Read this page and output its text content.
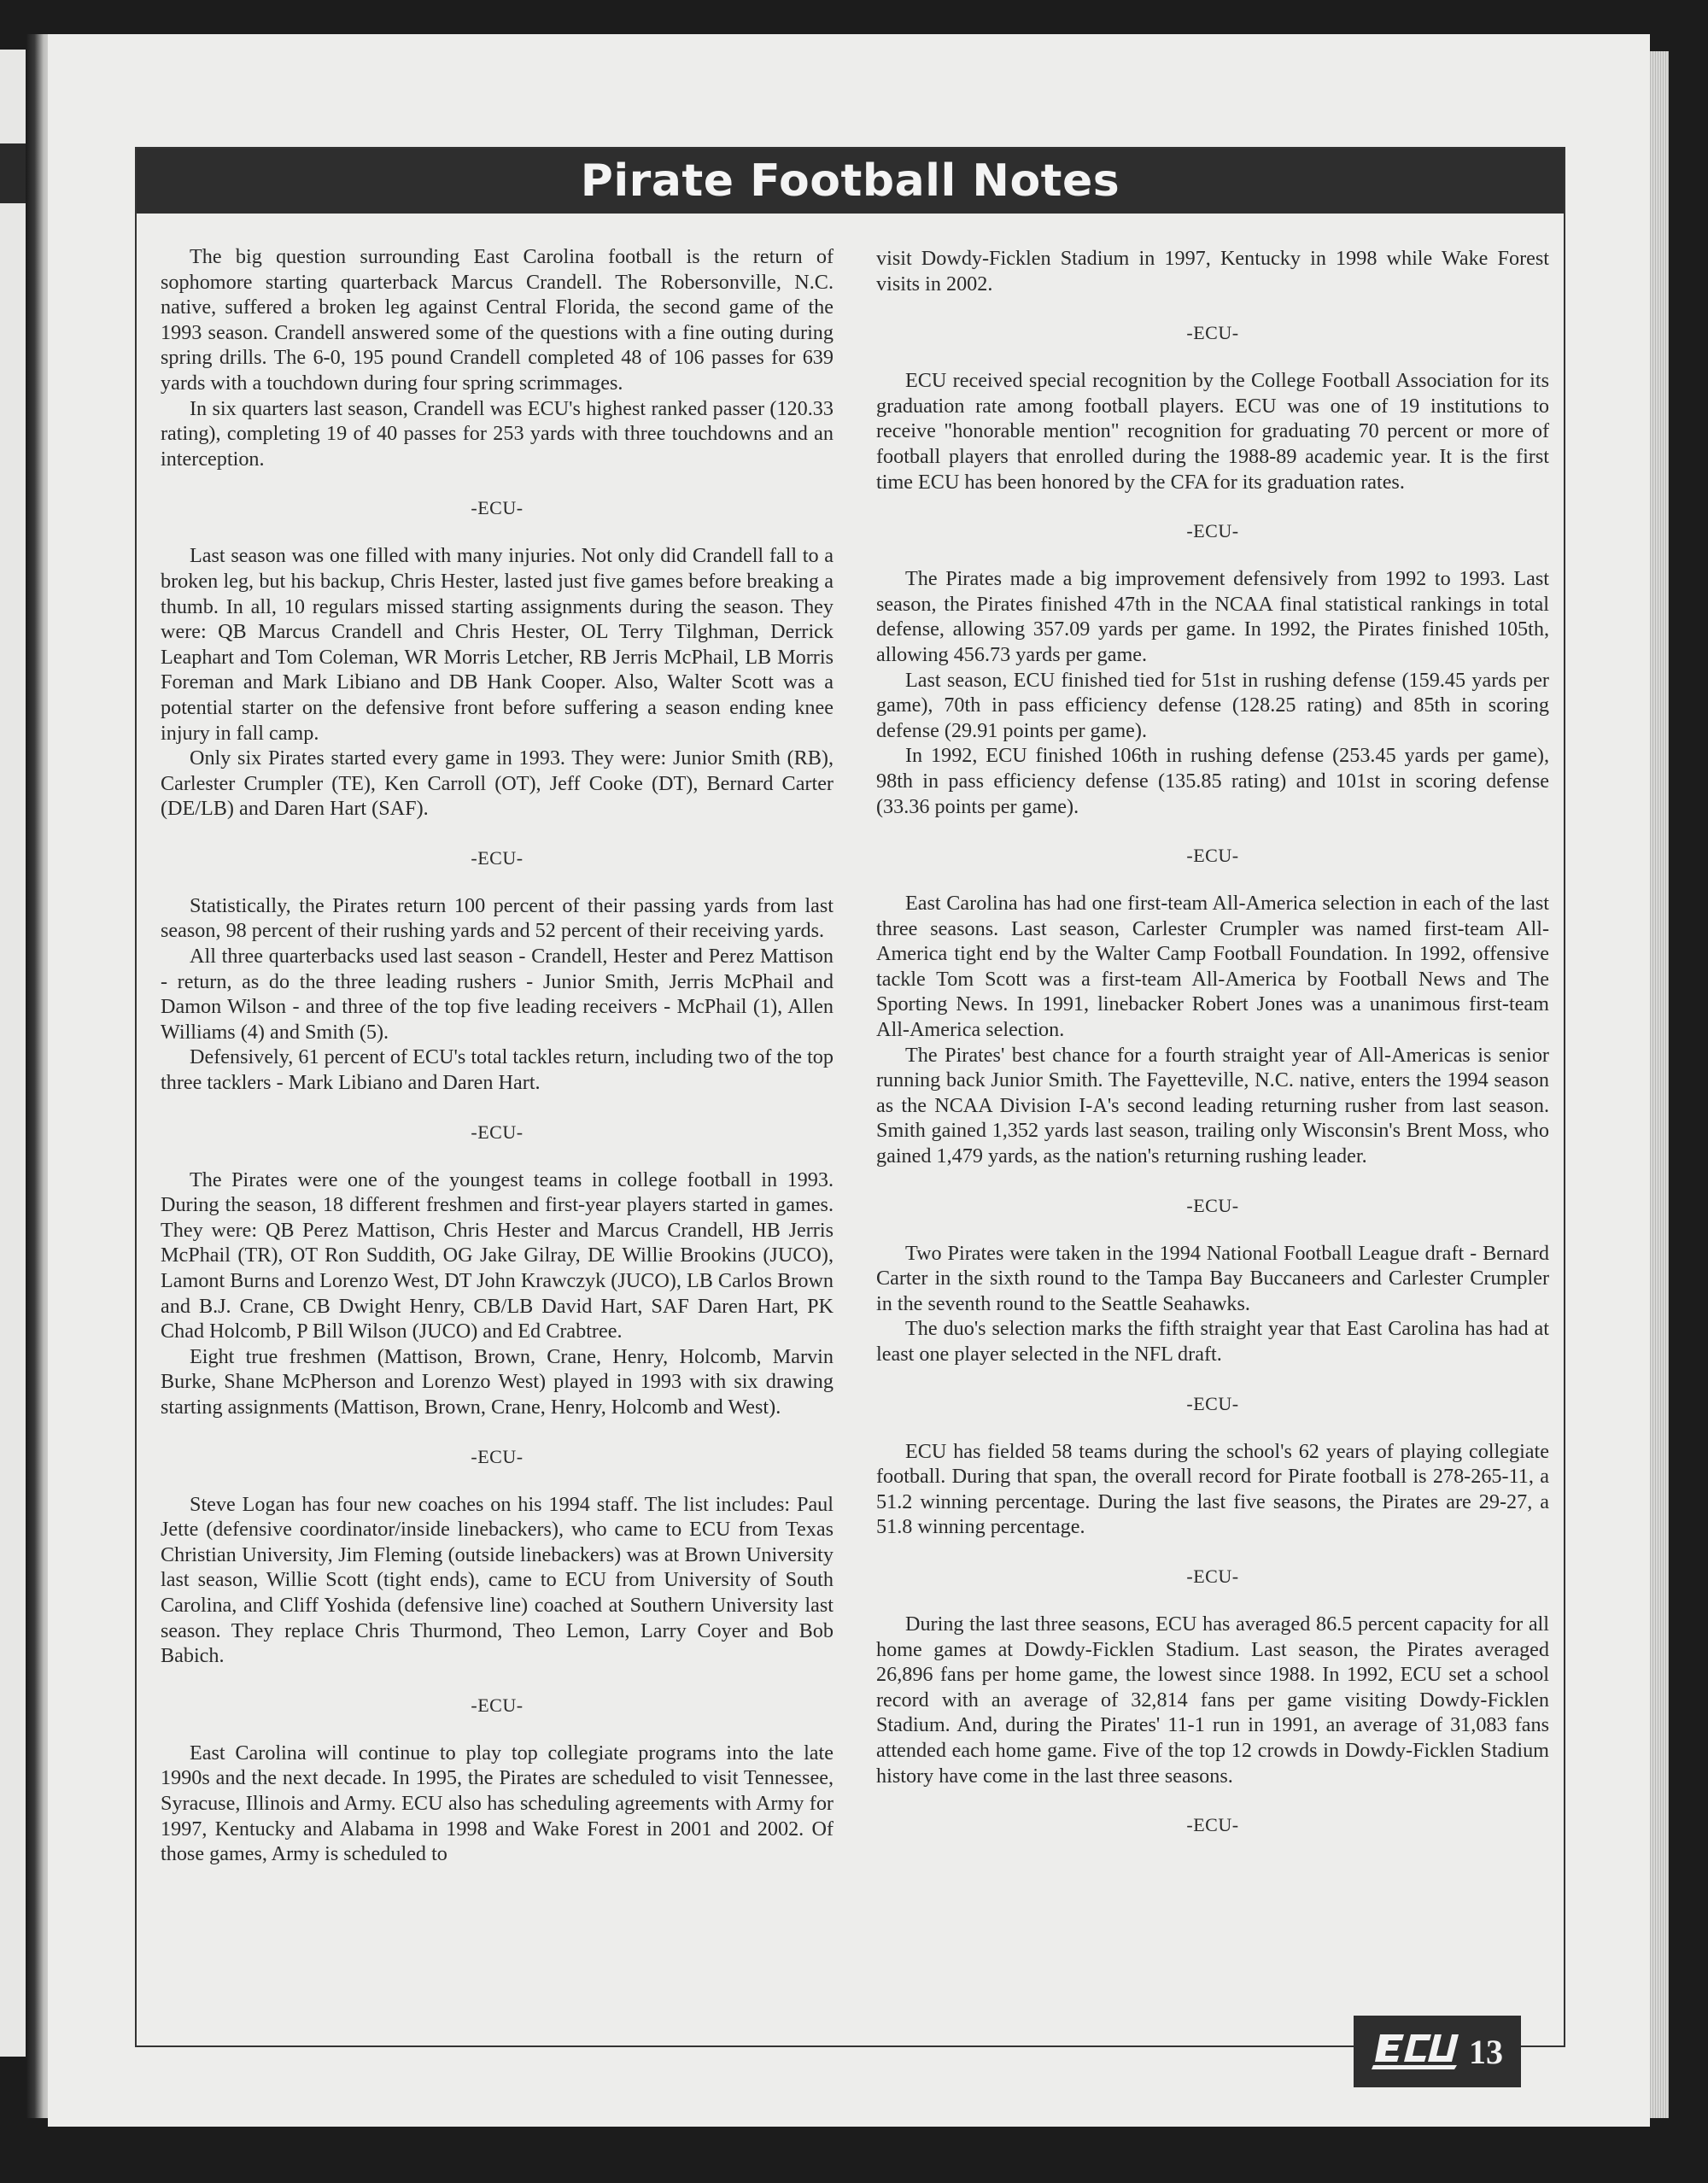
Pirate Football Notes

The big question surrounding East Carolina football is the return of sophomore starting quarterback Marcus Crandell. The Robersonville, N.C. native, suffered a broken leg against Central Florida, the second game of the 1993 season. Crandell answered some of the questions with a fine outing during spring drills. The 6-0, 195 pound Crandell completed 48 of 106 passes for 639 yards with a touchdown during four spring scrimmages.

In six quarters last season, Crandell was ECU's highest ranked passer (120.33 rating), completing 19 of 40 passes for 253 yards with three touchdowns and an interception.

-ECU-

Last season was one filled with many injuries. Not only did Crandell fall to a broken leg, but his backup, Chris Hester, lasted just five games before breaking a thumb. In all, 10 regulars missed starting assignments during the season. They were: QB Marcus Crandell and Chris Hester, OL Terry Tilghman, Derrick Leaphart and Tom Coleman, WR Morris Letcher, RB Jerris McPhail, LB Morris Foreman and Mark Libiano and DB Hank Cooper. Also, Walter Scott was a potential starter on the defensive front before suffering a season ending knee injury in fall camp.

Only six Pirates started every game in 1993. They were: Junior Smith (RB), Carlester Crumpler (TE), Ken Carroll (OT), Jeff Cooke (DT), Bernard Carter (DE/LB) and Daren Hart (SAF).

-ECU-

Statistically, the Pirates return 100 percent of their passing yards from last season, 98 percent of their rushing yards and 52 percent of their receiving yards.

All three quarterbacks used last season - Crandell, Hester and Perez Mattison - return, as do the three leading rushers - Junior Smith, Jerris McPhail and Damon Wilson - and three of the top five leading receivers - McPhail (1), Allen Williams (4) and Smith (5).

Defensively, 61 percent of ECU's total tackles return, including two of the top three tacklers - Mark Libiano and Daren Hart.

-ECU-

The Pirates were one of the youngest teams in college football in 1993. During the season, 18 different freshmen and first-year players started in games. They were: QB Perez Mattison, Chris Hester and Marcus Crandell, HB Jerris McPhail (TR), OT Ron Suddith, OG Jake Gilray, DE Willie Brookins (JUCO), Lamont Burns and Lorenzo West, DT John Krawczyk (JUCO), LB Carlos Brown and B.J. Crane, CB Dwight Henry, CB/LB David Hart, SAF Daren Hart, PK Chad Holcomb, P Bill Wilson (JUCO) and Ed Crabtree.

Eight true freshmen (Mattison, Brown, Crane, Henry, Holcomb, Marvin Burke, Shane McPherson and Lorenzo West) played in 1993 with six drawing starting assignments (Mattison, Brown, Crane, Henry, Holcomb and West).

-ECU-

Steve Logan has four new coaches on his 1994 staff. The list includes: Paul Jette (defensive coordinator/inside linebackers), who came to ECU from Texas Christian University, Jim Fleming (outside linebackers) was at Brown University last season, Willie Scott (tight ends), came to ECU from University of South Carolina, and Cliff Yoshida (defensive line) coached at Southern University last season. They replace Chris Thurmond, Theo Lemon, Larry Coyer and Bob Babich.

-ECU-

East Carolina will continue to play top collegiate programs into the late 1990s and the next decade. In 1995, the Pirates are scheduled to visit Tennessee, Syracuse, Illinois and Army. ECU also has scheduling agreements with Army for 1997, Kentucky and Alabama in 1998 and Wake Forest in 2001 and 2002. Of those games, Army is scheduled to

visit Dowdy-Ficklen Stadium in 1997, Kentucky in 1998 while Wake Forest visits in 2002.

-ECU-

ECU received special recognition by the College Football Association for its graduation rate among football players. ECU was one of 19 institutions to receive "honorable mention" recognition for graduating 70 percent or more of football players that enrolled during the 1988-89 academic year. It is the first time ECU has been honored by the CFA for its graduation rates.

-ECU-

The Pirates made a big improvement defensively from 1992 to 1993. Last season, the Pirates finished 47th in the NCAA final statistical rankings in total defense, allowing 357.09 yards per game. In 1992, the Pirates finished 105th, allowing 456.73 yards per game.

Last season, ECU finished tied for 51st in rushing defense (159.45 yards per game), 70th in pass efficiency defense (128.25 rating) and 85th in scoring defense (29.91 points per game).

In 1992, ECU finished 106th in rushing defense (253.45 yards per game), 98th in pass efficiency defense (135.85 rating) and 101st in scoring defense (33.36 points per game).

-ECU-

East Carolina has had one first-team All-America selection in each of the last three seasons. Last season, Carlester Crumpler was named first-team All-America tight end by the Walter Camp Football Foundation. In 1992, offensive tackle Tom Scott was a first-team All-America by Football News and The Sporting News. In 1991, linebacker Robert Jones was a unanimous first-team All-America selection.

The Pirates' best chance for a fourth straight year of All-Americas is senior running back Junior Smith. The Fayetteville, N.C. native, enters the 1994 season as the NCAA Division I-A's second leading returning rusher from last season. Smith gained 1,352 yards last season, trailing only Wisconsin's Brent Moss, who gained 1,479 yards, as the nation's returning rushing leader.

-ECU-

Two Pirates were taken in the 1994 National Football League draft - Bernard Carter in the sixth round to the Tampa Bay Buccaneers and Carlester Crumpler in the seventh round to the Seattle Seahawks.

The duo's selection marks the fifth straight year that East Carolina has had at least one player selected in the NFL draft.

-ECU-

ECU has fielded 58 teams during the school's 62 years of playing collegiate football. During that span, the overall record for Pirate football is 278-265-11, a 51.2 winning percentage. During the last five seasons, the Pirates are 29-27, a 51.8 winning percentage.

-ECU-

During the last three seasons, ECU has averaged 86.5 percent capacity for all home games at Dowdy-Ficklen Stadium. Last season, the Pirates averaged 26,896 fans per home game, the lowest since 1988. In 1992, ECU set a school record with an average of 32,814 fans per game visiting Dowdy-Ficklen Stadium. And, during the Pirates' 11-1 run in 1991, an average of 31,083 fans attended each home game. Five of the top 12 crowds in Dowdy-Ficklen Stadium history have come in the last three seasons.

-ECU-
13
